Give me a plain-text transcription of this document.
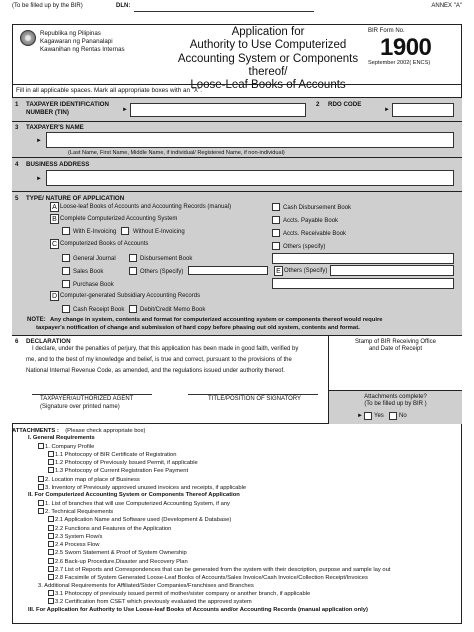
(To be filled up by the BIR)	DLN:	ANNEX "A"
Republika ng Pilipinas
Kagawaran ng Pananalapi
Kawanihan ng Rentas Internas
Application for
Authority to Use Computerized
Accounting System or Components thereof/
Loose-Leaf Books of Accounts
BIR Form No.
1900
September 2002( ENCS)
Fill in all applicable spaces. Mark all appropriate boxes with an "X".
1 TAXPAYER IDENTIFICATION
NUMBER (TIN)	►
2 RDO CODE
►
3 TAXPAYER'S NAME
►
(Last Name, First Name, Middle Name, if individual/ Registered Name, if non-individual)
4 BUSINESS ADDRESS
►
5 TYPE/ NATURE OF APPLICATION
A Loose-leaf Books of Accounts and Accounting Records (manual)
B Complete Computerized Accounting System
With E-Invoicing	Without E-Invoicing
C Computerized Books of Accounts
General Journal	Disbursement Book
Sales Book	Others (Specify)
Purchase Book
D Computer-generated Subsidiary Accounting Records
Cash Receipt Book	Debit/Credit Memo Book
Cash Disbursement Book
Accts. Payable Book
Accts. Receivable Book
Others (specify)
E Others (Specify)
NOTE: Any change in system, contents and format for computerized accounting system or components thereof would require
taxpayer's notification of change and submission of hard copy before phasing out old system, contents and format.
6 DECLARATION
I declare, under the penalties of perjury, that this application has been made in good faith, verified by
me, and to the best of my knowledge and belief, is true and correct, pursuant to the provisions of the
National Internal Revenue Code, as amended, and the regulations issued under authority thereof.
Stamp of BIR Receiving Office
and Date of Receipt
TAXPAYER/AUTHORIZED AGENT
(Signature over printed name)
TITLE/POSITION OF SIGNATORY	Attachments complete?
(To be filled up by BIR )
► Yes	No
ATTACHMENTS : (Please check appropriate box)
I. General Requirements
1. Company Profile
1.1 Photocopy of BIR Certificate of Registration
1.2 Photocopy of Previously Issued Permit, if applicable
1.3 Photocopy of Current Registration Fee Payment
2. Location map of place of Business
3. Inventory of Previously approved unused invoices and receipts, if applicable
II. For Computerized Accounting System or Components Thereof Application
1. List of branches that will use Computerized Accounting System, if any
2. Technical Requirements
2.1 Application Name and Software used (Development & Database)
2.2 Functions and Features of the Application
2.3 System Flow/s
2.4 Process Flow
2.5 Sworn Statement & Proof of System Ownership
2.6 Back-up Procedure,Disaster and Recovery Plan
2.7 List of Reports and Correspondences that can be generated from the system with their description, purpose and sample lay out
2.8 Facsimile of System Generated Loose-Leaf Books of Accounts/Sales Invoice/Cash Invoice/Collection Receipt/Invoices
3. Additional Requirements for Affiliated/Sister Companies/Franchises and Branches
3.1 Photocopy of previously issued permit of mother/sister company or another branch, if applicable
3.2 Certification from CSET which previously evaluated the approved system
III. For Application for Authority to Use Loose-leaf Books of Accounts and/or Accounting Records (manual application only)
